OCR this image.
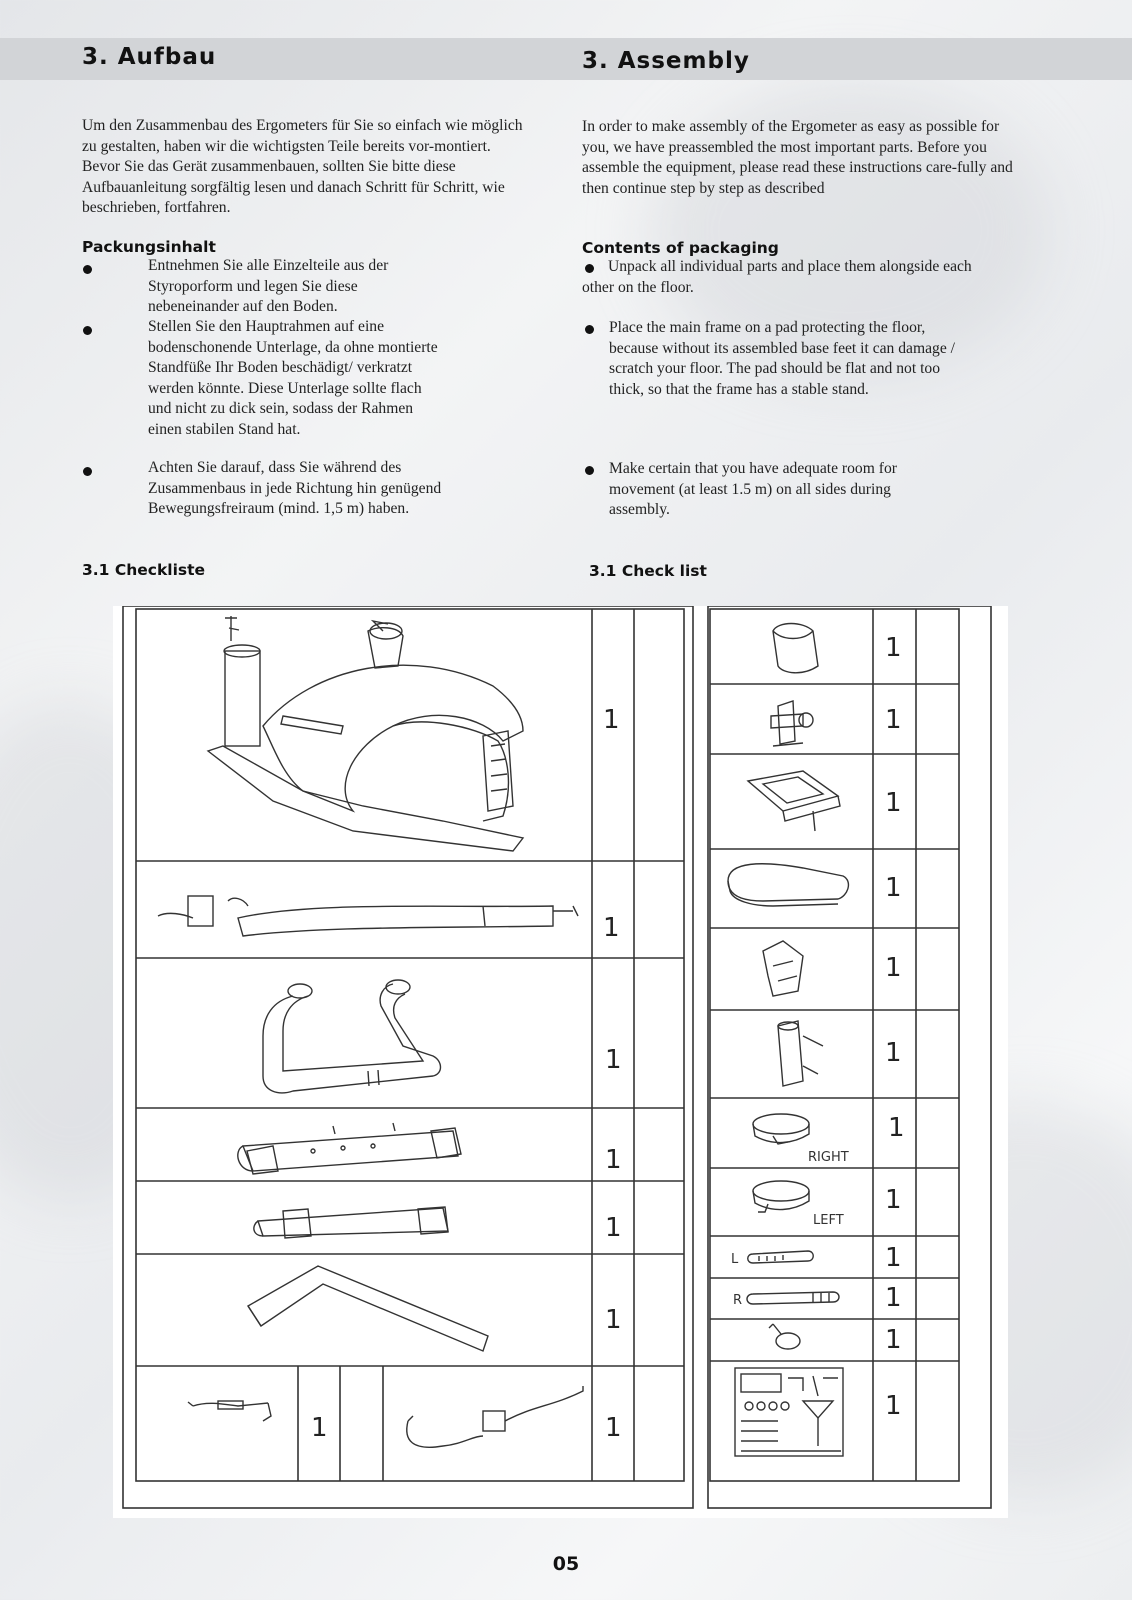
3. Aufbau	3. Assembly
Um den Zusammenbau des Ergometers für Sie so einfach wie möglich zu gestalten, haben wir die wichtigsten Teile bereits vor-montiert. Bevor Sie das Gerät zusammenbauen, sollten Sie bitte diese Aufbauanleitung sorgfältig lesen und danach Schritt für Schritt, wie beschrieben, fortfahren.
Packungsinhalt
Entnehmen Sie alle Einzelteile aus der Styroporform und legen Sie diese nebeneinander auf den Boden.
Stellen Sie den Hauptrahmen auf eine bodenschonende Unterlage, da ohne montierte Standfüße Ihr Boden beschädigt/ verkratzt werden könnte. Diese Unterlage sollte flach und nicht zu dick sein, sodass der Rahmen einen stabilen Stand hat.
Achten Sie darauf, dass Sie während des Zusammenbaus in jede Richtung hin genügend Bewegungsfreiraum (mind. 1,5 m) haben.
3.1 Checkliste
In order to make assembly of the Ergometer as easy as possible for you, we have preassembled the most important parts. Before you assemble the equipment, please read these instructions care-fully and then continue step by step as described
Contents of packaging
Unpack all individual parts and place them alongside each other on the floor.
Place the main frame on a pad protecting the floor, because without its assembled base feet it can damage / scratch your floor. The pad should be flat and not too thick, so that the frame has a stable stand.
Make certain that you have adequate room for movement (at least 1.5 m) on all sides during assembly.
3.1 Check list
1
1
1
1
1
1
1	1
1
1
1
1
1
1
1
1
1
1
1
1
RIGHT
LEFT
L
R
05
